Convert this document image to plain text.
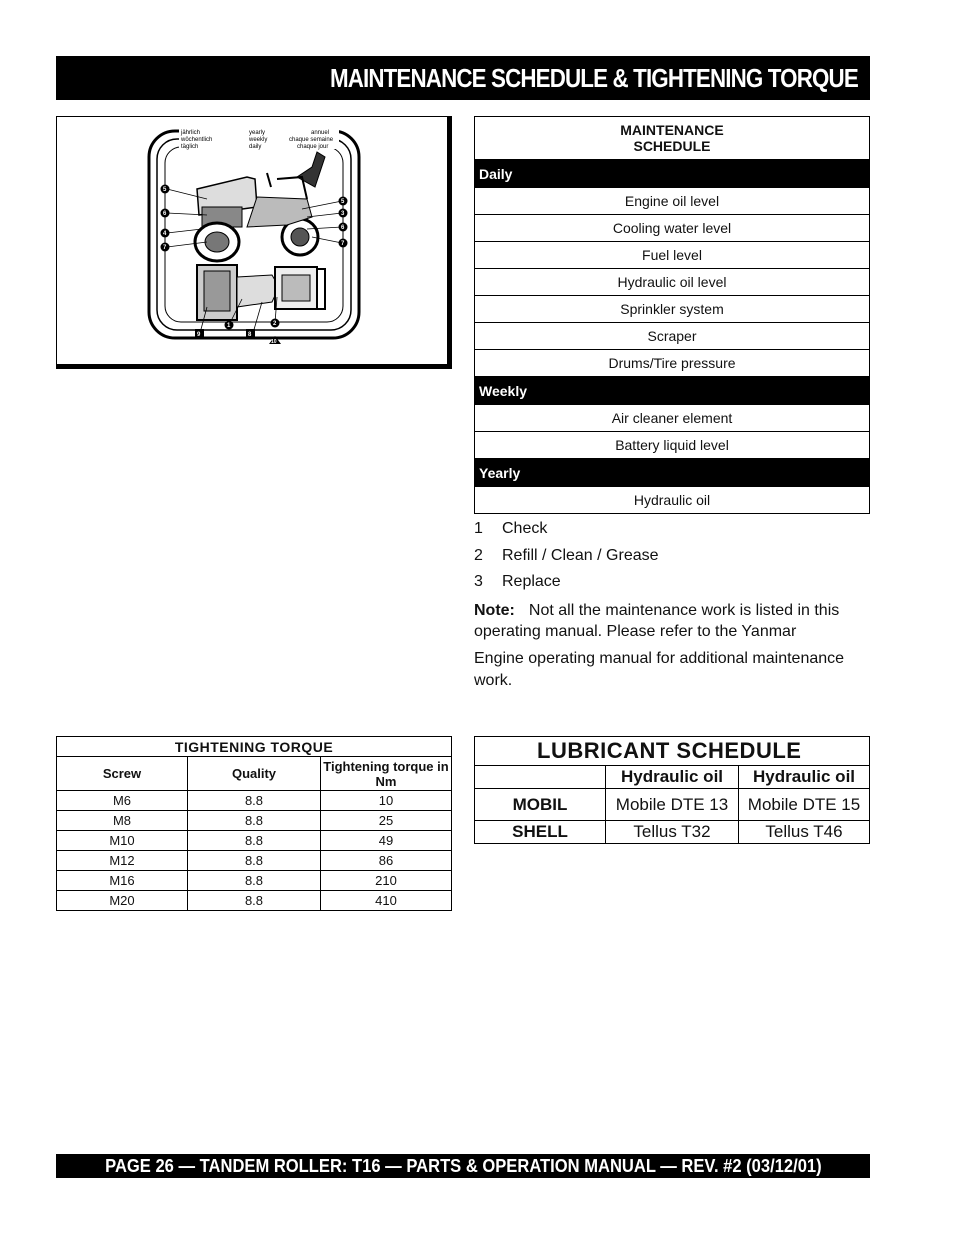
MAINTENANCE SCHEDULE & TIGHTENING TORQUE
jährlich	yearly	annuel
wöchentlich	weekly	chaque semaine
täglich	daily	chaque jour
5
6
4
7
5
3
6
7
9
1
8
2
10
MAINTENANCE
SCHEDULE

Daily
Engine oil level
Cooling water level
Fuel level
Hydraulic oil level
Sprinkler system
Scraper
Drums/Tire pressure
Weekly
Air cleaner element
Battery liquid level
Yearly
Hydraulic oil
1 Check
2 Refill / Clean / Grease
3 Replace
Note: Not all the maintenance work is listed in this operating manual. Please refer to the Yanmar
Engine operating manual for additional maintenance work.
TIGHTENING TORQUE		
Screw	Quality	Tightening torque in Nm
M6	8.8	10
M8	8.8	25
M10	8.8	49
M12	8.8	86
M16	8.8	210
M20	8.8	410
LUBRICANT SCHEDULE		
	Hydraulic oil	Hydraulic oil
MOBIL	Mobile DTE 13	Mobile DTE 15
SHELL	Tellus T32	Tellus T46
PAGE 26 — TANDEM ROLLER: T16 — PARTS & OPERATION MANUAL — REV. #2 (03/12/01)
